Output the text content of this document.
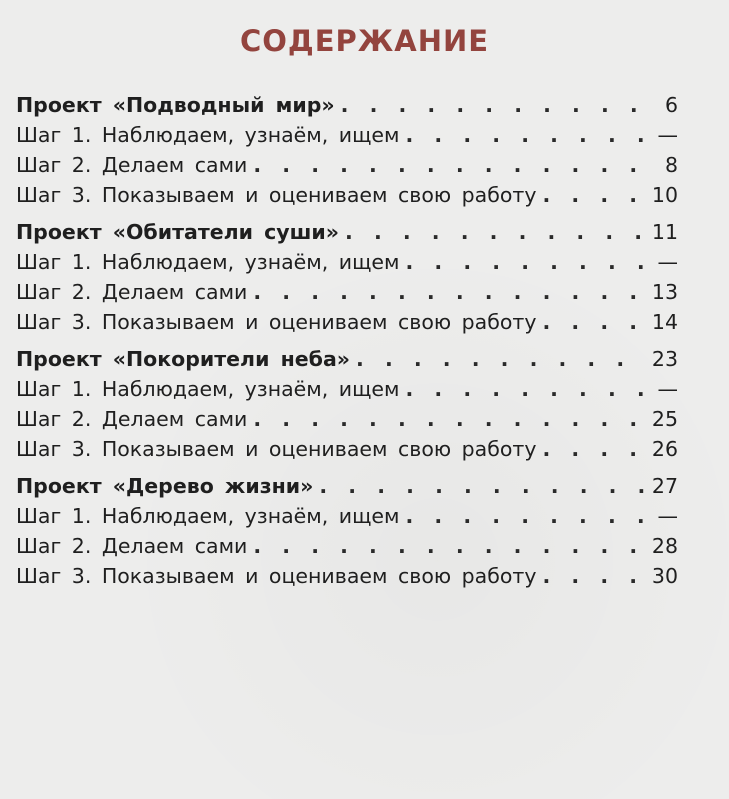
СОДЕРЖАНИЕ
Проект «Подводный мир» . . .	6
Шаг 1. Наблюдаем, узнаём, ищем . . .	—
Шаг 2. Делаем сами . . .	8
Шаг 3. Показываем и оцениваем свою работу . . .	10
Проект «Обитатели суши» . . .	11
Шаг 1. Наблюдаем, узнаём, ищем . . .	—
Шаг 2. Делаем сами . . .	13
Шаг 3. Показываем и оцениваем свою работу . . .	14
Проект «Покорители неба» . . .	23
Шаг 1. Наблюдаем, узнаём, ищем . . .	—
Шаг 2. Делаем сами . . .	25
Шаг 3. Показываем и оцениваем свою работу . . .	26
Проект «Дерево жизни» . . .	27
Шаг 1. Наблюдаем, узнаём, ищем . . .	—
Шаг 2. Делаем сами . . .	28
Шаг 3. Показываем и оцениваем свою работу . . .	30
